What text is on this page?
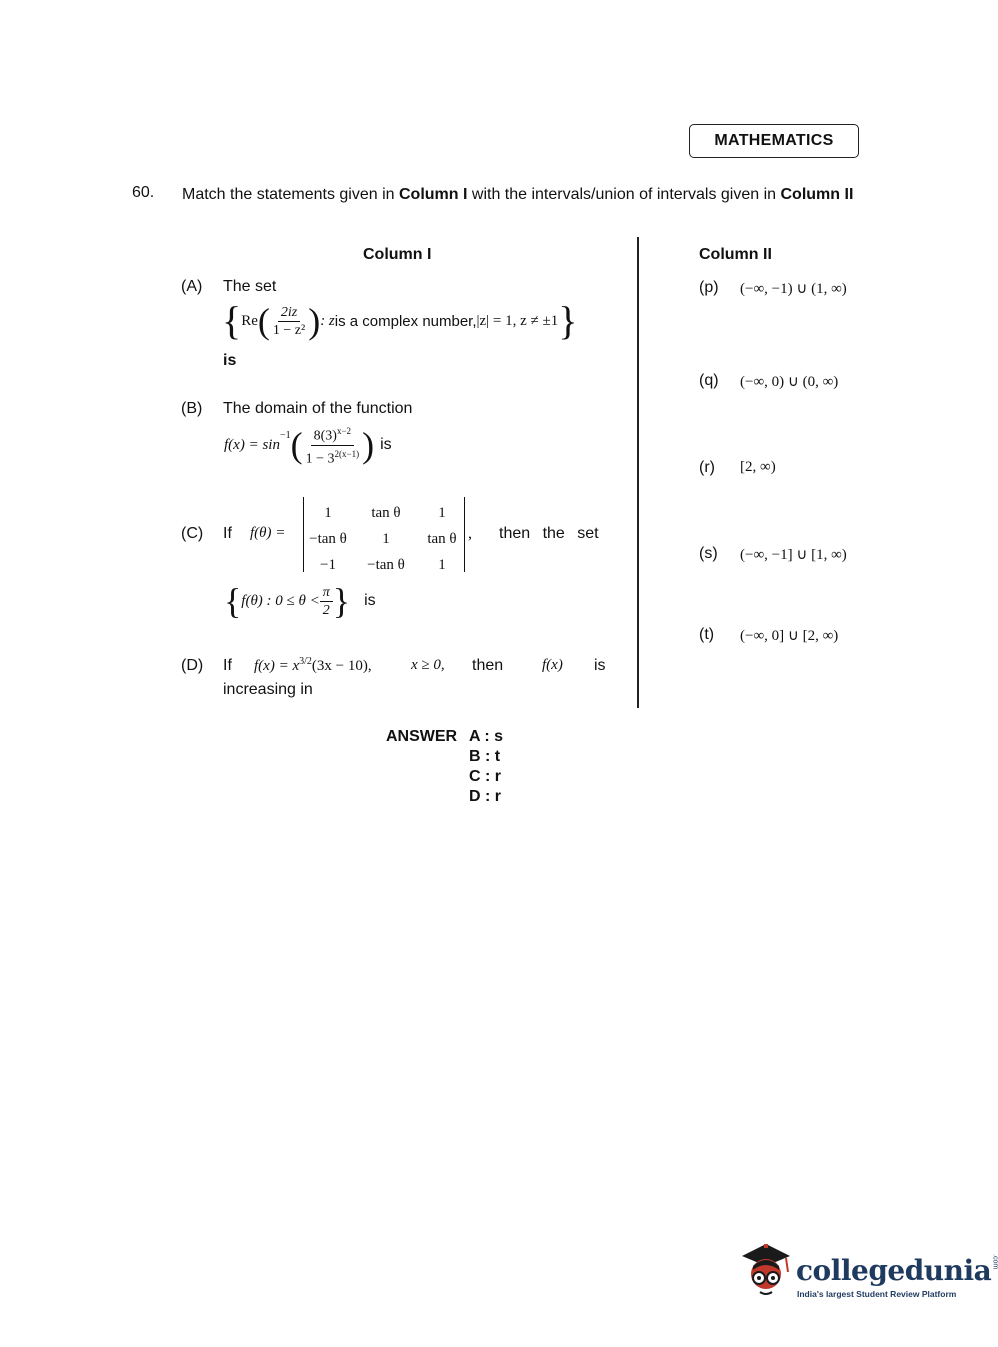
MATHEMATICS
60. Match the statements given in Column I with the intervals/union of intervals given in Column II
Column I	Column II
(A) The set
{ Re ( $\frac{2iz}{\text{1 − z²}}$ ) : z is a complex number, |z| = 1, z ≠ ±1 }
is
(B) The domain of the function
f(x) = sin
$^{-1}$ ( $\frac{8(3)^{x-2}}{1 - 3^{2(x-1)}}$ ) is
(C) If f(θ) =
1	tan θ	1
−tan θ	1	tan θ
−1	−tan θ	1
, then the set
{ f(θ) : $0 \le \theta < \frac{\pi}{2}$ } is
(D) If $f(x) = x^{3/2}(3x - 10)$,	x ≥ 0, then	f(x) is
increasing in
(p) (−∞, −1) ∪ (1, ∞)
(q) (−∞, 0) ∪ (0, ∞)
(r) [2, ∞)
(s) (−∞, −1] ∪ [1, ∞)
(t) (−∞, 0] ∪ [2, ∞)
ANSWER A : s
B : t
C : r
D : r
collegedunia.com
India's largest Student Review Platform
